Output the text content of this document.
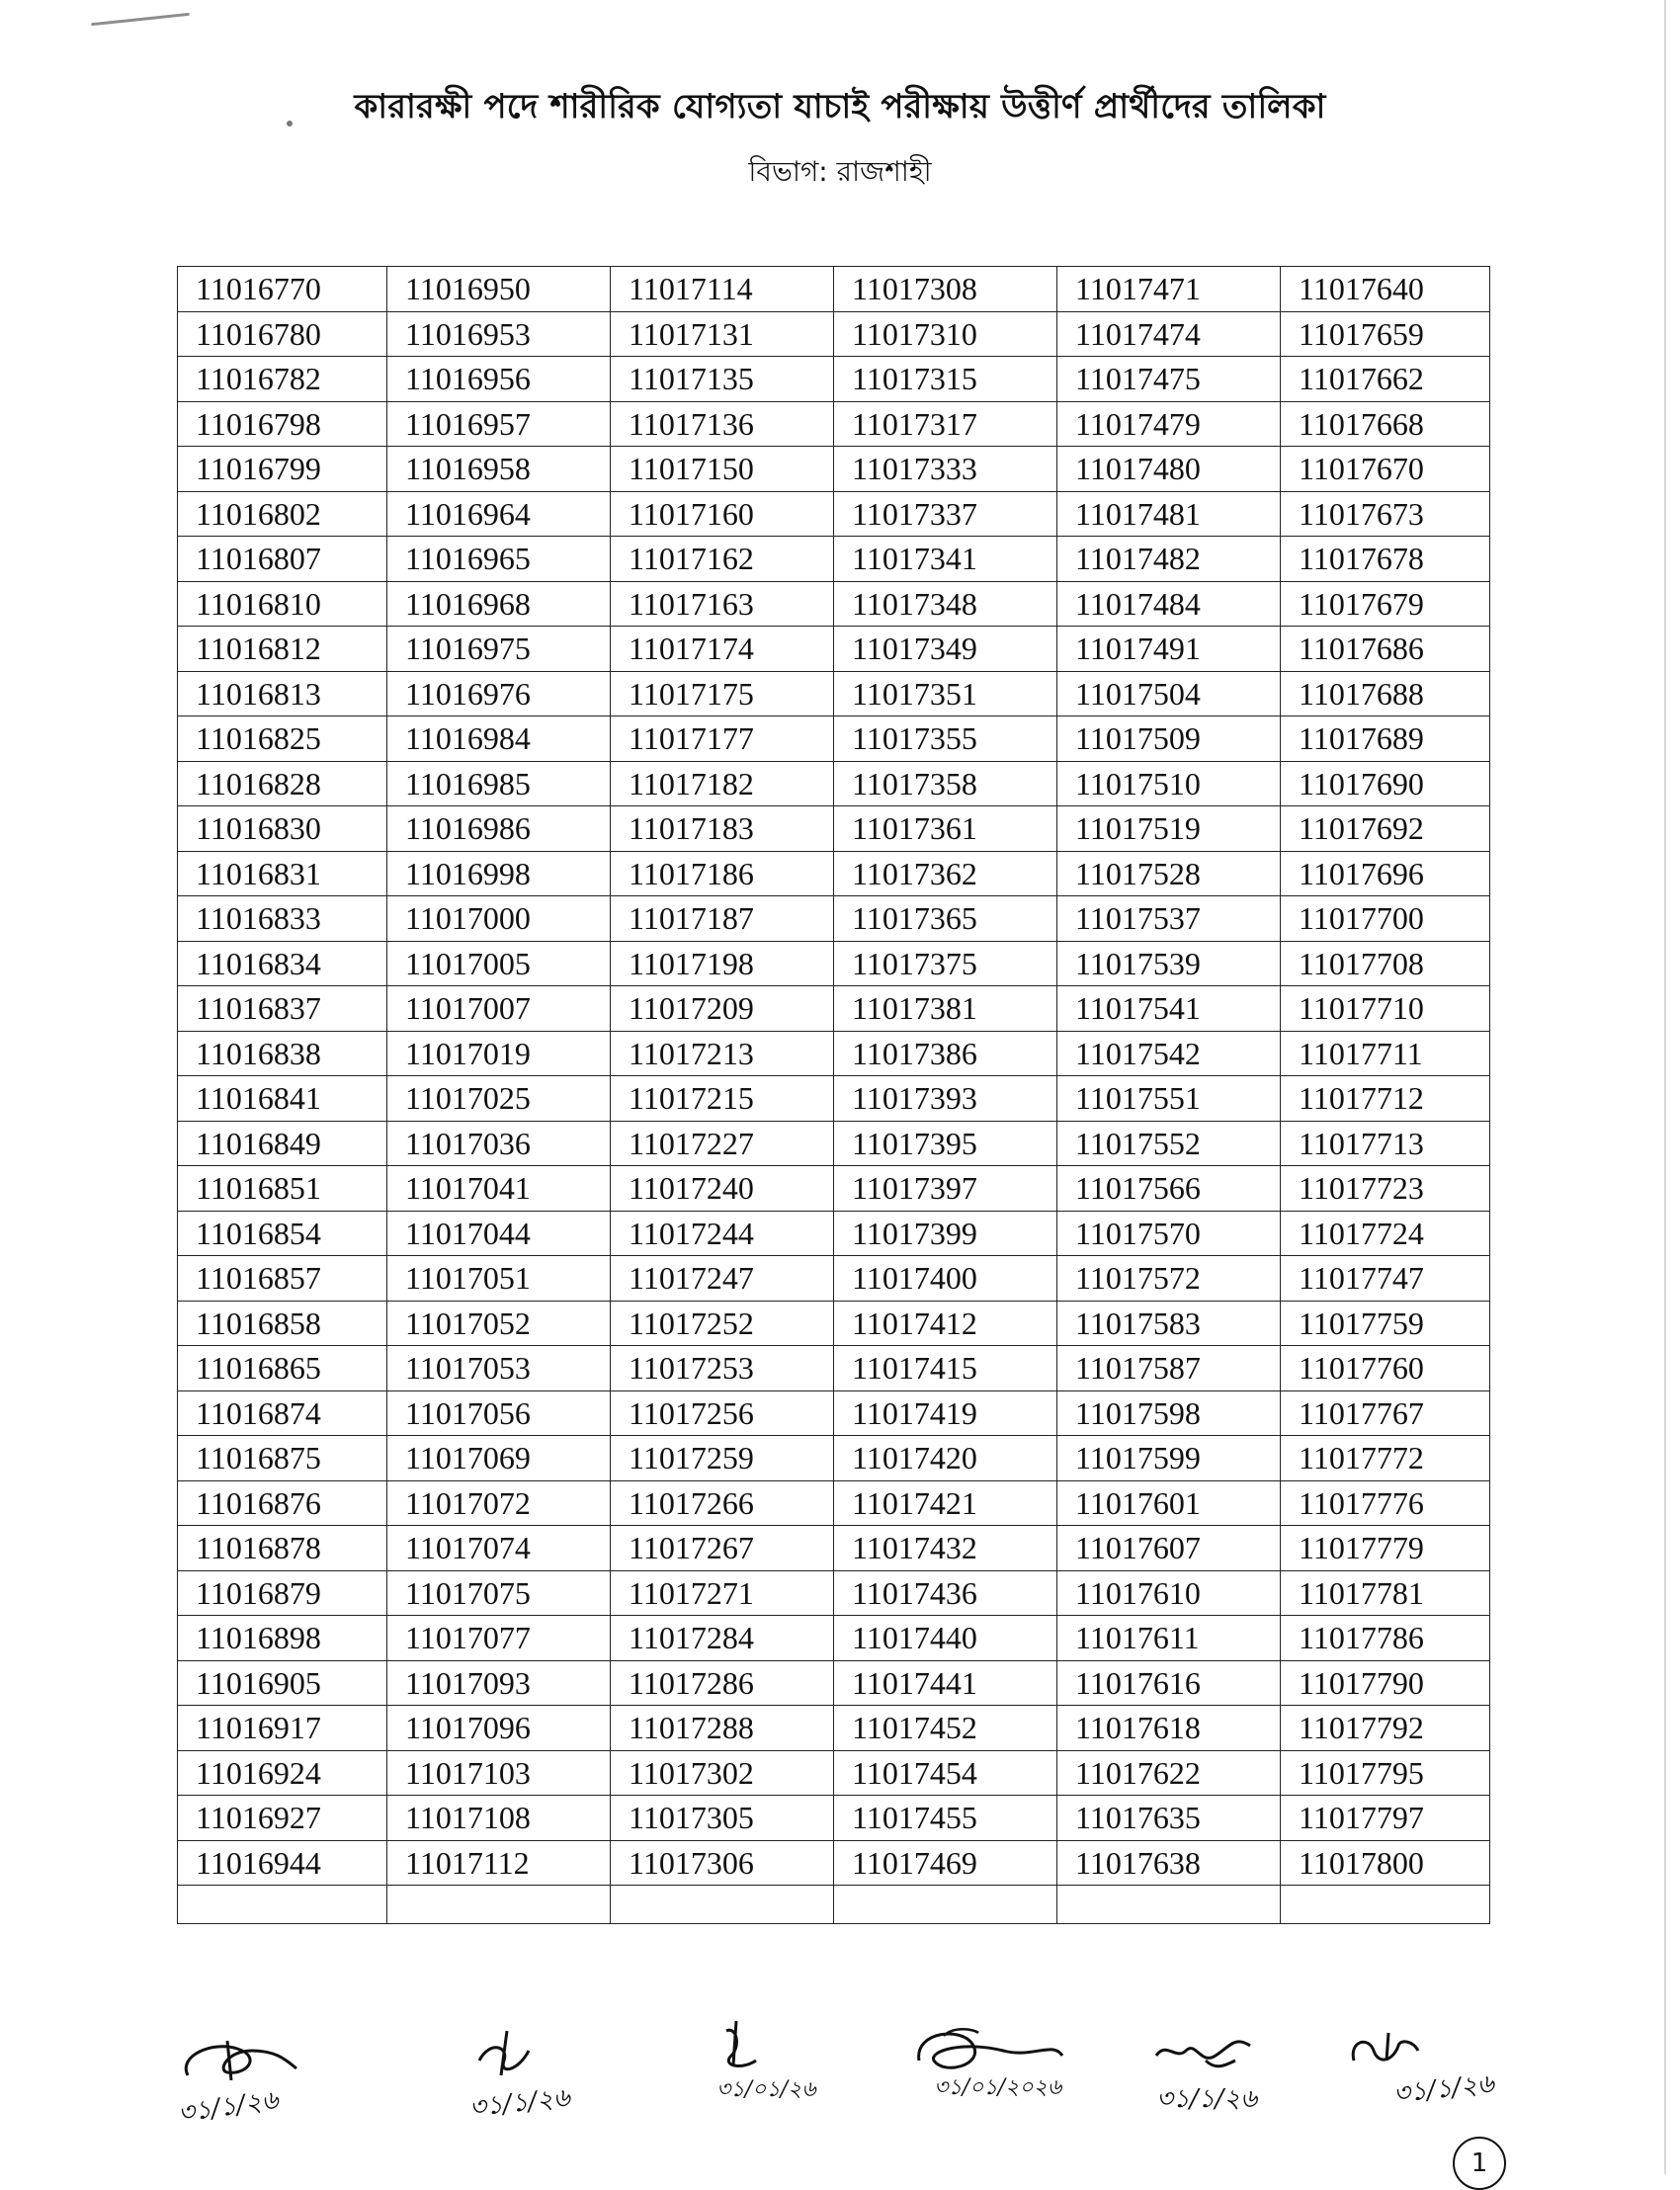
কারারক্ষী পদে শারীরিক যোগ্যতা যাচাই পরীক্ষায় উত্তীর্ণ প্রার্থীদের তালিকা
বিভাগ: রাজশাহী
11016770	11016950	11017114	11017308	11017471	11017640
11016780	11016953	11017131	11017310	11017474	11017659
11016782	11016956	11017135	11017315	11017475	11017662
11016798	11016957	11017136	11017317	11017479	11017668
11016799	11016958	11017150	11017333	11017480	11017670
11016802	11016964	11017160	11017337	11017481	11017673
11016807	11016965	11017162	11017341	11017482	11017678
11016810	11016968	11017163	11017348	11017484	11017679
11016812	11016975	11017174	11017349	11017491	11017686
11016813	11016976	11017175	11017351	11017504	11017688
11016825	11016984	11017177	11017355	11017509	11017689
11016828	11016985	11017182	11017358	11017510	11017690
11016830	11016986	11017183	11017361	11017519	11017692
11016831	11016998	11017186	11017362	11017528	11017696
11016833	11017000	11017187	11017365	11017537	11017700
11016834	11017005	11017198	11017375	11017539	11017708
11016837	11017007	11017209	11017381	11017541	11017710
11016838	11017019	11017213	11017386	11017542	11017711
11016841	11017025	11017215	11017393	11017551	11017712
11016849	11017036	11017227	11017395	11017552	11017713
11016851	11017041	11017240	11017397	11017566	11017723
11016854	11017044	11017244	11017399	11017570	11017724
11016857	11017051	11017247	11017400	11017572	11017747
11016858	11017052	11017252	11017412	11017583	11017759
11016865	11017053	11017253	11017415	11017587	11017760
11016874	11017056	11017256	11017419	11017598	11017767
11016875	11017069	11017259	11017420	11017599	11017772
11016876	11017072	11017266	11017421	11017601	11017776
11016878	11017074	11017267	11017432	11017607	11017779
11016879	11017075	11017271	11017436	11017610	11017781
11016898	11017077	11017284	11017440	11017611	11017786
11016905	11017093	11017286	11017441	11017616	11017790
11016917	11017096	11017288	11017452	11017618	11017792
11016924	11017103	11017302	11017454	11017622	11017795
11016927	11017108	11017305	11017455	11017635	11017797
11016944	11017112	11017306	11017469	11017638	11017800

৩১/১/২৬	৩১/১/২৬	৩১/০১/২৬	৩১/০১/২০২৬	৩১/১/২৬	৩১/১/২৬
1
